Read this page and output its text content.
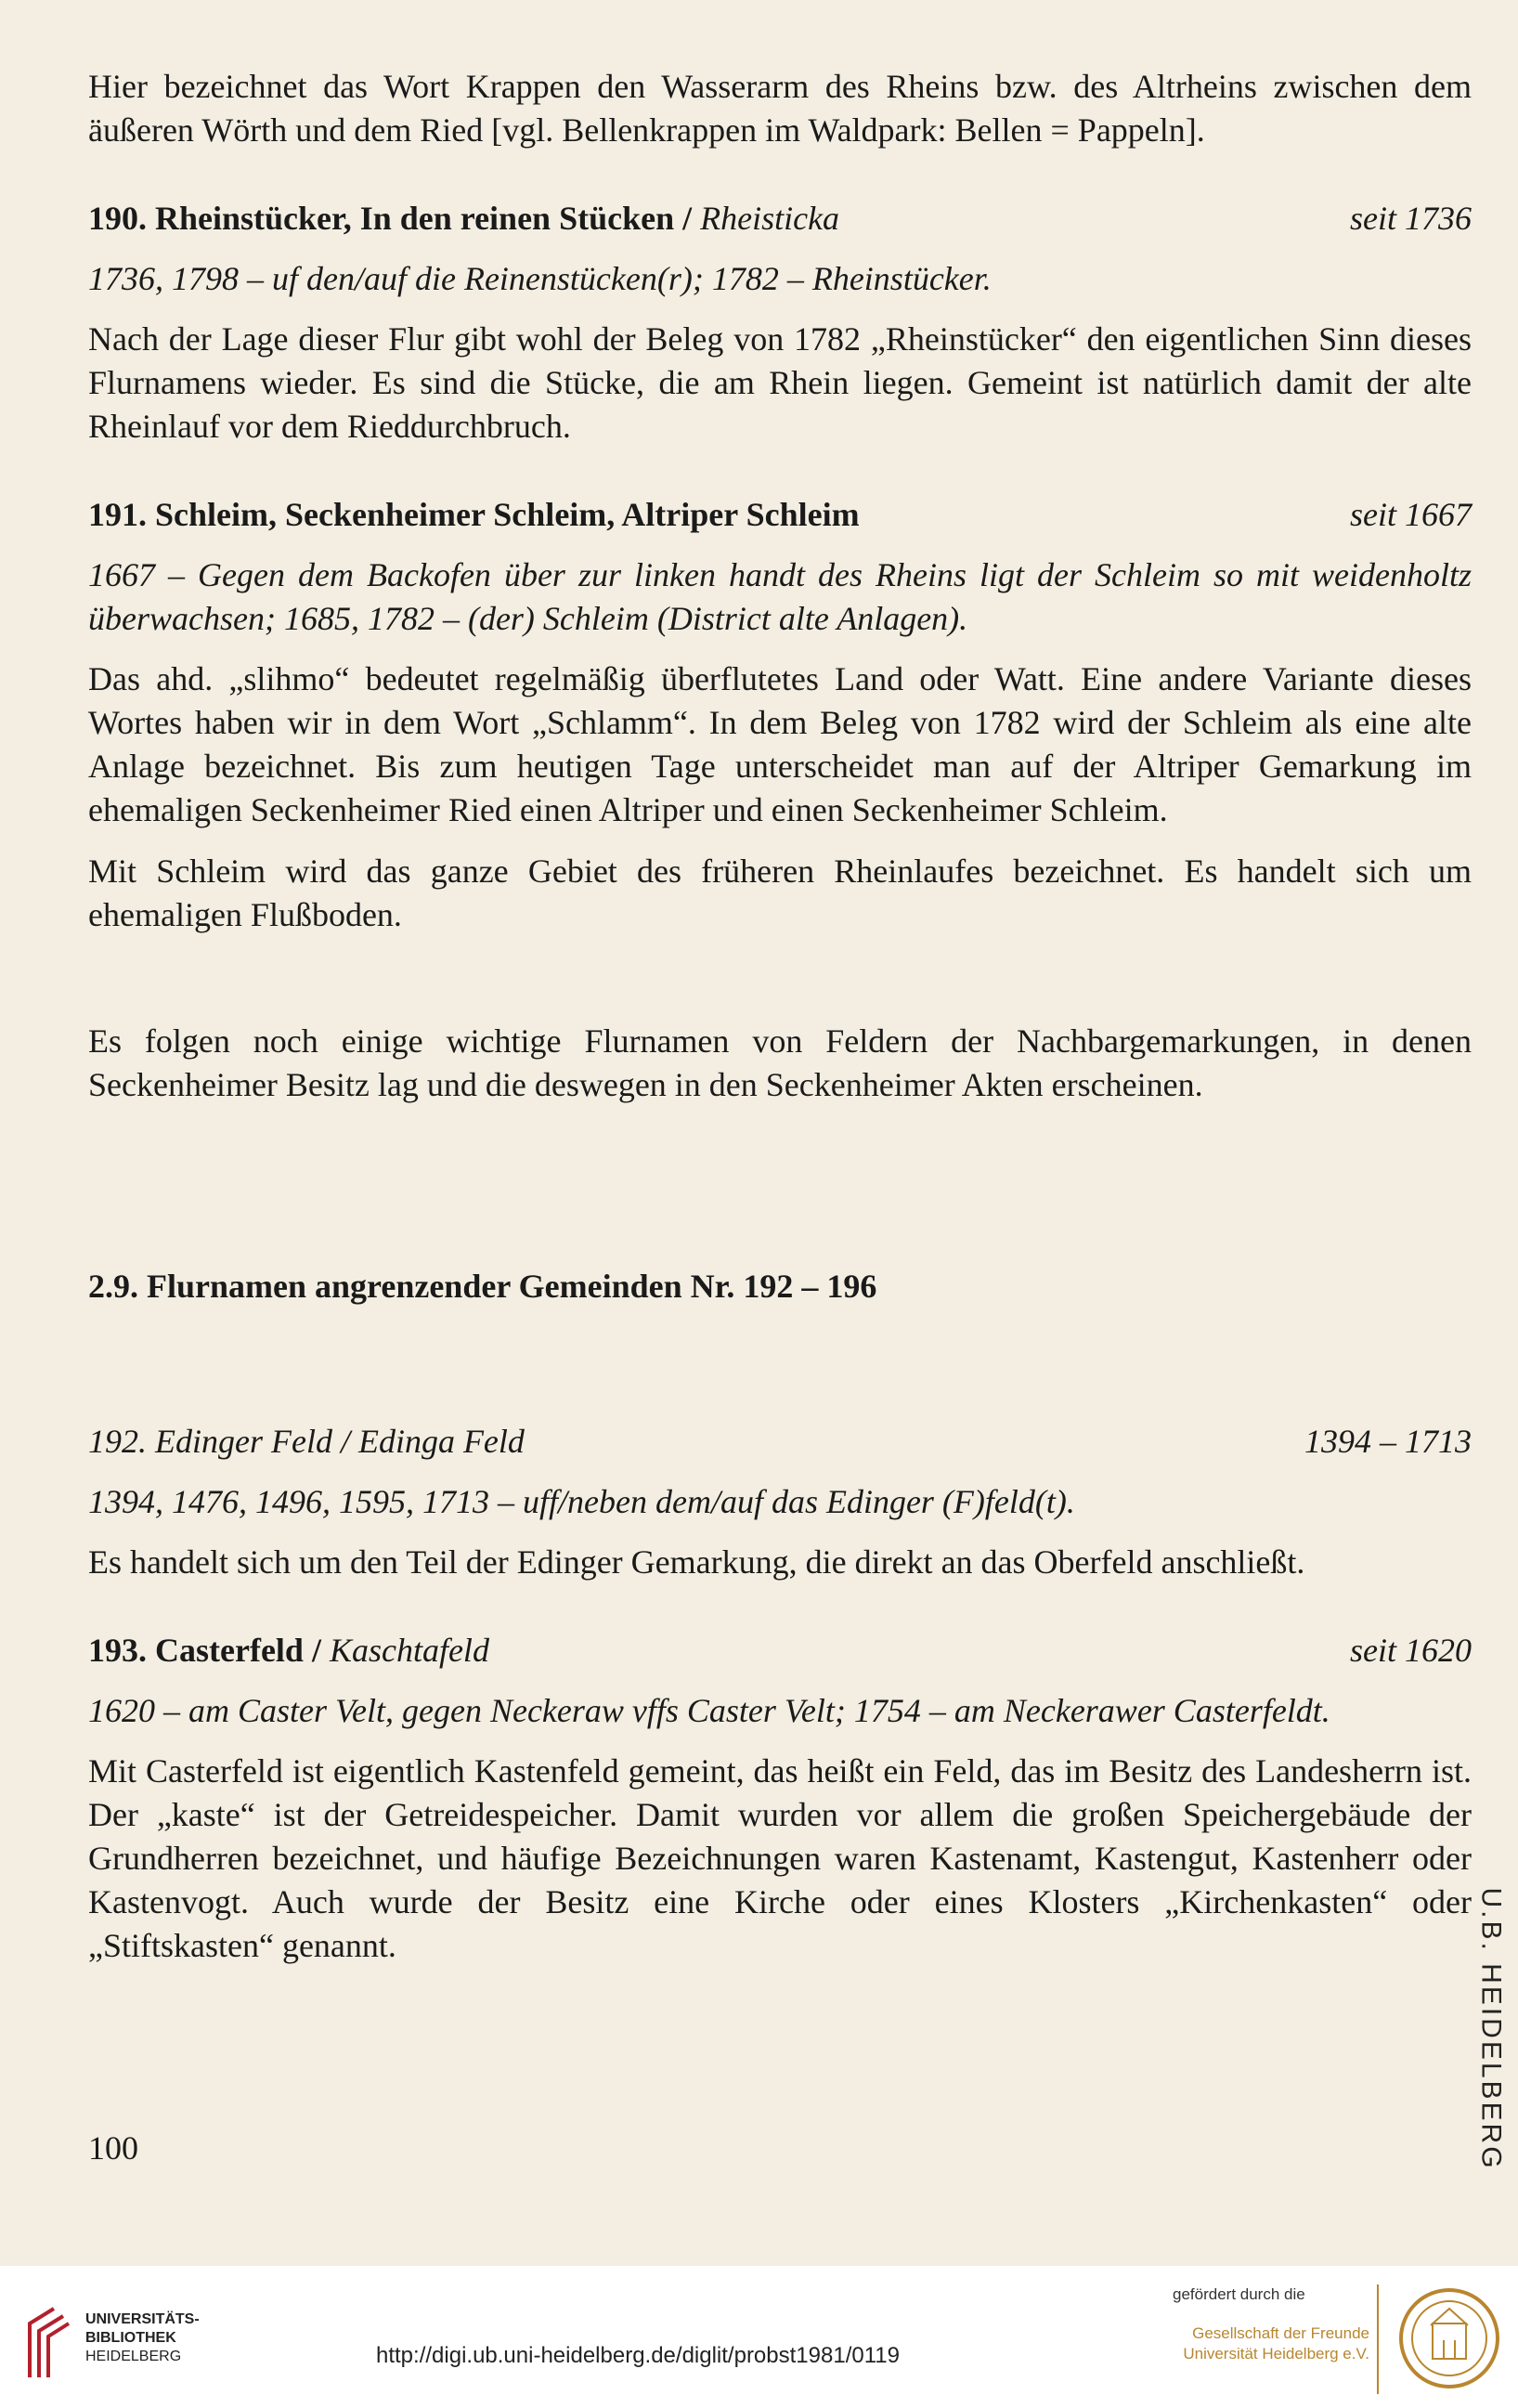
Hier bezeichnet das Wort Krappen den Wasserarm des Rheins bzw. des Altrheins zwischen dem äußeren Wörth und dem Ried [vgl. Bellenkrappen im Waldpark: Bellen = Pappeln].

190. Rheinstücker, In den reinen Stücken / Rheisticka	seit 1736

1736, 1798 – uf den/auf die Reinenstücken(r); 1782 – Rheinstücker.

Nach der Lage dieser Flur gibt wohl der Beleg von 1782 „Rheinstücker“ den eigentlichen Sinn dieses Flurnamens wieder. Es sind die Stücke, die am Rhein liegen. Gemeint ist natürlich damit der alte Rheinlauf vor dem Rieddurchbruch.

191. Schleim, Seckenheimer Schleim, Altriper Schleim	seit 1667

1667 – Gegen dem Backofen über zur linken handt des Rheins ligt der Schleim so mit weidenholtz überwachsen; 1685, 1782 – (der) Schleim (District alte Anlagen).

Das ahd. „slihmo“ bedeutet regelmäßig überflutetes Land oder Watt. Eine andere Variante dieses Wortes haben wir in dem Wort „Schlamm“. In dem Beleg von 1782 wird der Schleim als eine alte Anlage bezeichnet. Bis zum heutigen Tage unterscheidet man auf der Altriper Gemarkung im ehemaligen Seckenheimer Ried einen Altriper und einen Seckenheimer Schleim.

Mit Schleim wird das ganze Gebiet des früheren Rheinlaufes bezeichnet. Es handelt sich um ehemaligen Flußboden.

Es folgen noch einige wichtige Flurnamen von Feldern der Nachbargemarkungen, in denen Seckenheimer Besitz lag und die deswegen in den Seckenheimer Akten erscheinen.

2.9. Flurnamen angrenzender Gemeinden Nr. 192 – 196
192. Edinger Feld / Edinga Feld	1394 – 1713

1394, 1476, 1496, 1595, 1713 – uff/neben dem/auf das Edinger (F)feld(t).

Es handelt sich um den Teil der Edinger Gemarkung, die direkt an das Oberfeld anschließt.

193. Casterfeld / Kaschtafeld	seit 1620

1620 – am Caster Velt, gegen Neckeraw vffs Caster Velt; 1754 – am Neckerawer Casterfeldt.

Mit Casterfeld ist eigentlich Kastenfeld gemeint, das heißt ein Feld, das im Besitz des Landesherrn ist. Der „kaste“ ist der Getreidespeicher. Damit wurden vor allem die großen Speichergebäude der Grundherren bezeichnet, und häufige Bezeichnungen waren Kastenamt, Kastengut, Kastenherr oder Kastenvogt. Auch wurde der Besitz eine Kirche oder eines Klosters „Kirchenkasten“ oder „Stiftskasten“ genannt.

100	U.B. HEIDELBERG
UNIVERSITÄTS-
BIBLIOTHEK
HEIDELBERG	http://digi.ub.uni-heidelberg.de/diglit/probst1981/0119
gefördert durch die
Gesellschaft der Freunde
Universität Heidelberg e.V.
